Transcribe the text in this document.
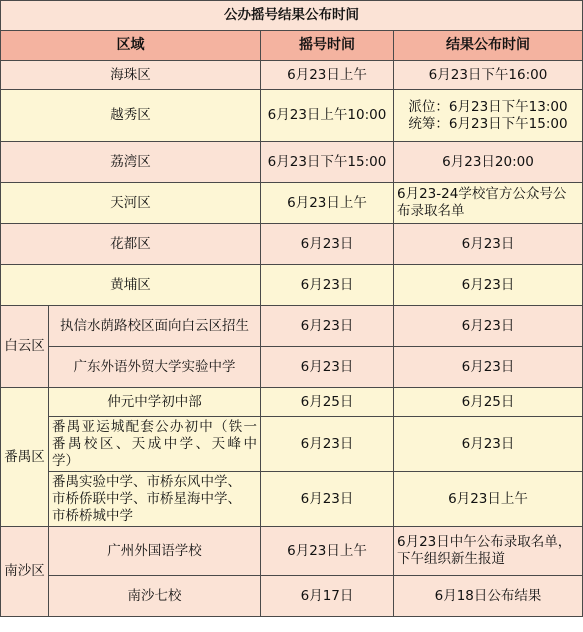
公办摇号结果公布时间			
区域		摇号时间	结果公布时间
海珠区		6月23日上午	6月23日下午16:00
越秀区		6月23日上午10:00	派位：6月23日下午13:00
统筹：6月23日下午15:00

荔湾区		6月23日下午15:00	6月23日20:00
天河区		6月23日上午	6月23-24学校官方公众号公
布录取名单

花都区		6月23日	6月23日
黄埔区		6月23日	6月23日
白云区	执信水荫路校区面向白云区招生	6月23日	6月23日
	广东外语外贸大学实验中学	6月23日	6月23日
番禺区	仲元中学初中部	6月25日	6月25日

	番禺亚运城配套公办初中（铁一
番禺校区、天成中学、天峰中
学）	6月23日	6月23日

	番禺实验中学、市桥东风中学、
市桥侨联中学、市桥星海中学、
市桥桥城中学	6月23日	6月23日上午
南沙区	广州外国语学校	6月23日上午	6月23日中午公布录取名单，
下午组织新生报道

	南沙七校	6月17日	6月18日公布结果
